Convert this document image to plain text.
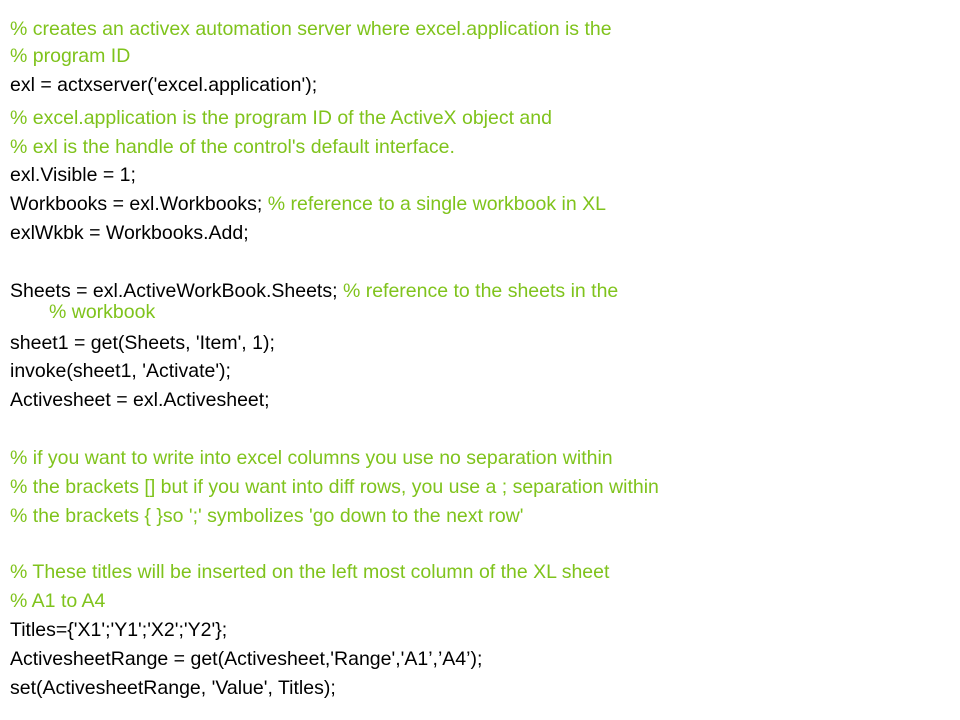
% creates an activex automation server where excel.application is the
% program ID
exl = actxserver('excel.application');
% excel.application is the program ID of the ActiveX object and
% exl is the handle of the control's default interface.
exl.Visible = 1;
Workbooks = exl.Workbooks; % reference to a single workbook in XL
exlWkbk = Workbooks.Add;
Sheets = exl.ActiveWorkBook.Sheets; % reference to the sheets in the
% workbook
sheet1 = get(Sheets, 'Item', 1);
invoke(sheet1, 'Activate');
Activesheet = exl.Activesheet;
% if you want to write into excel columns you use no separation within
% the brackets [] but if you want into diff rows, you use a ; separation within
% the brackets { }so ';' symbolizes 'go down to the next row'
% These titles will be inserted on the left most column of the XL sheet
% A1 to A4
Titles={'X1';'Y1';'X2';'Y2'};
ActivesheetRange = get(Activesheet,'Range','A1’,’A4’);
set(ActivesheetRange, 'Value', Titles);
